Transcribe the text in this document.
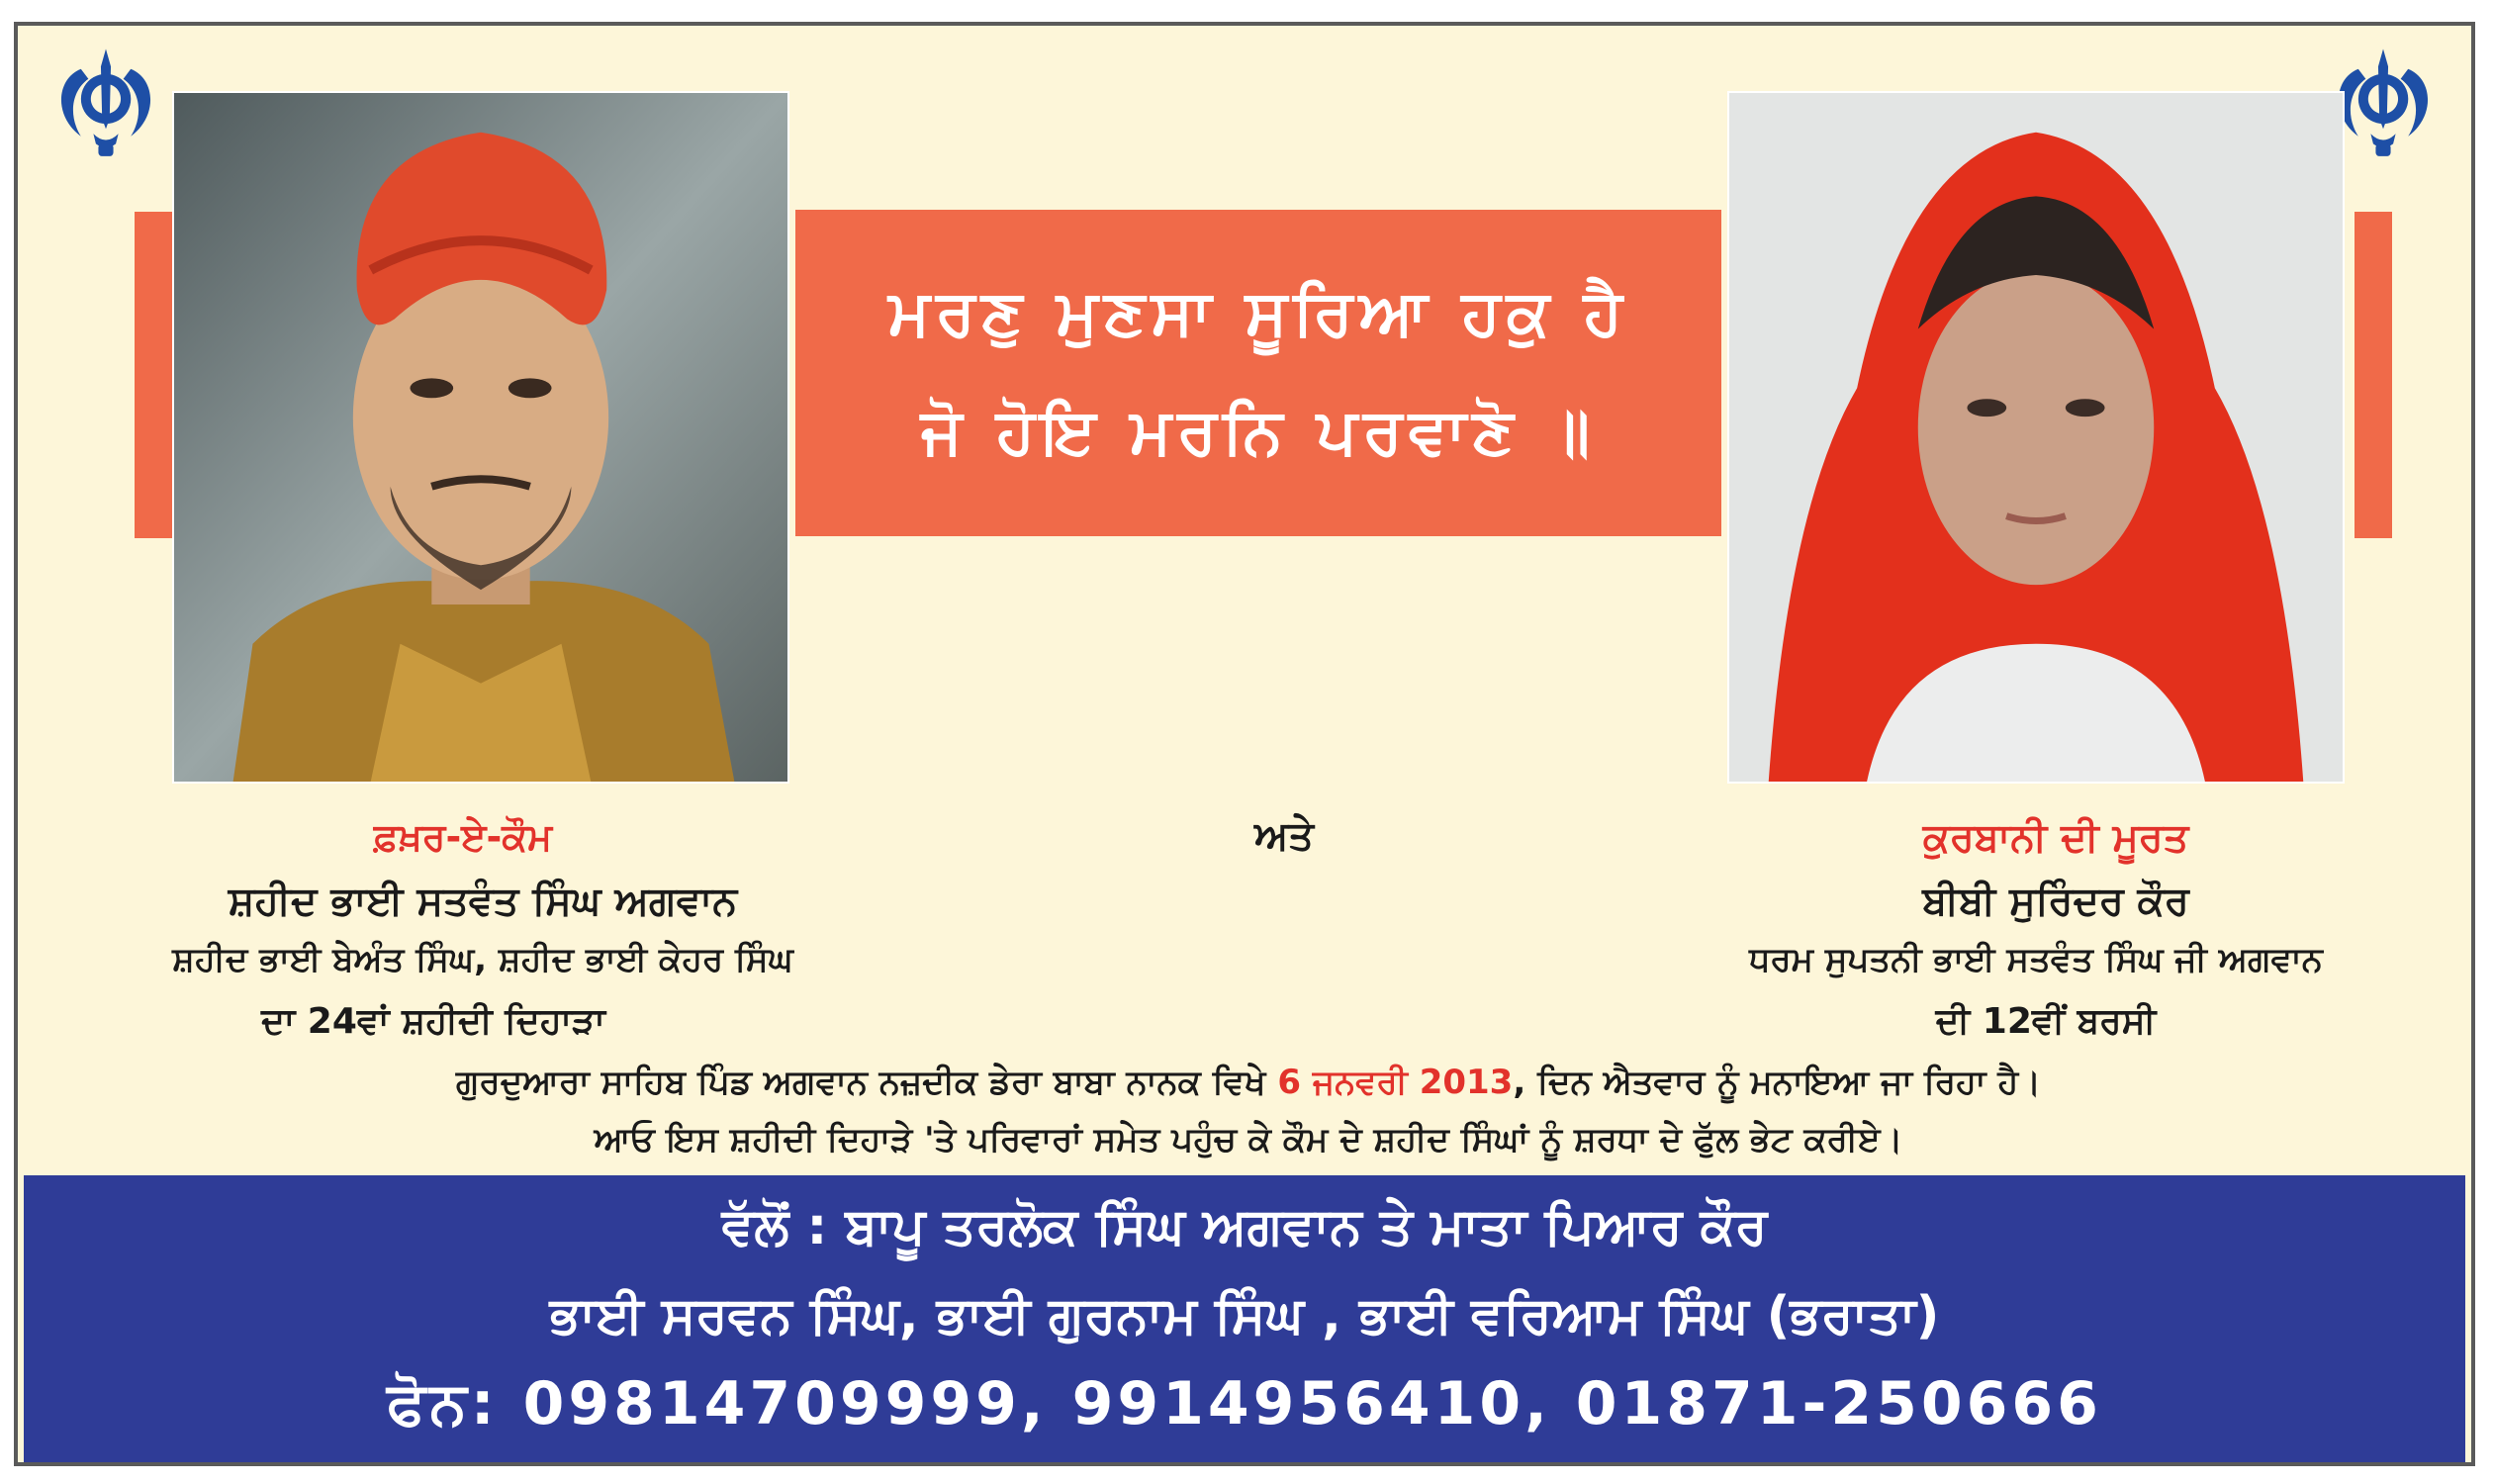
ਮਰਣੁ ਮੁਣਸਾ ਸੂਰਿਆ ਹਕੁ ਹੈ
ਜੋ ਹੋਇ ਮਰਨਿ ਪਰਵਾਣੋ ॥
ਫ਼ਖ਼ਰ-ਏ-ਕੌਮ
ਸ਼ਹੀਦ ਭਾਈ ਸਤਵੰਤ ਸਿੰਘ ਅਗਵਾਨ
ਸ਼ਹੀਦ ਭਾਈ ਬੇਅੰਤ ਸਿੰਘ, ਸ਼ਹੀਦ ਭਾਈ ਕੇਹਰ ਸਿੰਘ
ਦਾ 24ਵਾਂ ਸ਼ਹੀਦੀ ਦਿਹਾੜਾ
ਅਤੇ	ਕੁਰਬਾਨੀ ਦੀ ਮੂਰਤ
ਬੀਬੀ ਸੁਰਿੰਦਰ ਕੌਰ
ਧਰਮ ਸੁਪਤਨੀ ਭਾਈ ਸਤਵੰਤ ਸਿੰਘ ਜੀ ਅਗਵਾਨ
ਦੀ 12ਵੀਂ ਬਰਸੀ
ਗੁਰਦੁਆਰਾ ਸਾਹਿਬ ਪਿੰਡ ਅਗਵਾਨ ਨਜ਼ਦੀਕ ਡੇਰਾ ਬਾਬਾ ਨਾਨਕ ਵਿਖੇ 6 ਜਨਵਰੀ 2013, ਦਿਨ ਐਤਵਾਰ ਨੂੰ ਮਨਾਇਆ ਜਾ ਰਿਹਾ ਹੈ।
ਆਓ ਇਸ ਸ਼ਹੀਦੀ ਦਿਹਾੜੇ 'ਤੇ ਪਰਿਵਾਰਾਂ ਸਮੇਤ ਪਹੁੰਚ ਕੇ ਕੌਮ ਦੇ ਸ਼ਹੀਦ ਸਿੰਘਾਂ ਨੂੰ ਸ਼ਰਧਾ ਦੇ ਫੁੱਲ ਭੇਟ ਕਰੀਏ।
ਵੱਲੋਂ : ਬਾਪੂ ਤਰਲੋਕ ਸਿੰਘ ਅਗਵਾਨ ਤੇ ਮਾਤਾ ਪਿਆਰ ਕੌਰ
ਭਾਈ ਸਰਵਨ ਸਿੰਘ, ਭਾਈ ਗੁਰਨਾਮ ਸਿੰਘ , ਭਾਈ ਵਰਿਆਮ ਸਿੰਘ (ਭਰਾਤਾ)
ਫੋਨ: 09814709999, 9914956410, 01871-250666
